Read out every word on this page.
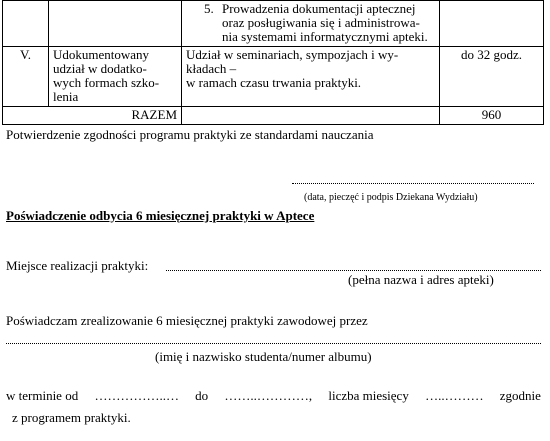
		5. Prowadzenia dokumentacji aptecznej
oraz posługiwania się i administrowa-
nia systemami informatycznymi apteki.	

V.	Udokumentowany
udział w dodatko-
wych formach szko-
lenia	Udział w seminariach, sympozjach i wy-
kładach –
w ramach czasu trwania praktyki.	do 32 godz.
RAZEM			960
Potwierdzenie zgodności programu praktyki ze standardami nauczania
(data, pieczęć i podpis Dziekana Wydziału)
Poświadczenie odbycia 6 miesięcznej praktyki w Aptece
Miejsce realizacji praktyki:
(pełna nazwa i adres apteki)
Poświadczam zrealizowanie 6 miesięcznej praktyki zawodowej przez
(imię i nazwisko studenta/numer albumu)
w terminie od ……………..… do ……..…………, liczba miesięcy …..……… zgodnie
z programem praktyki.
